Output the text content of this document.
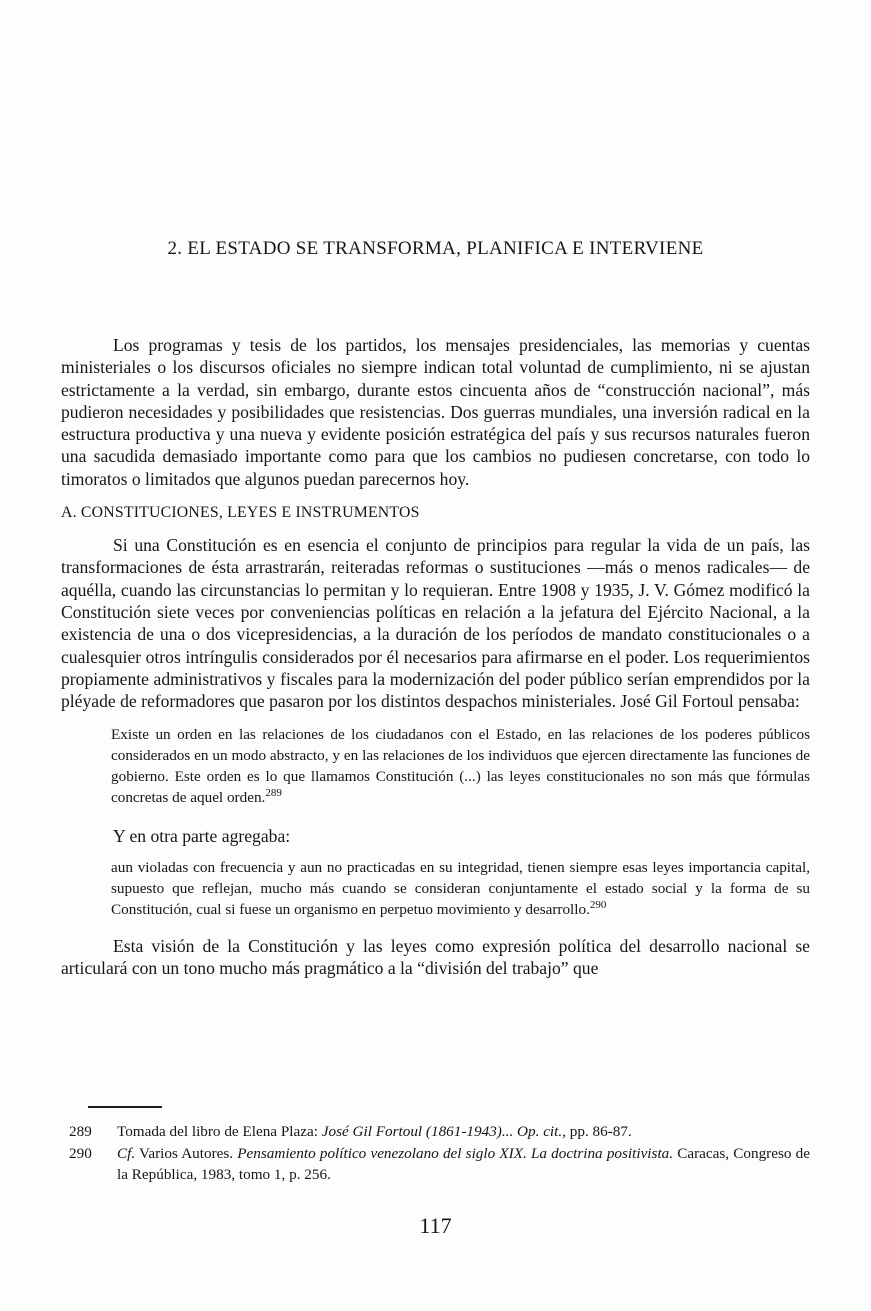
2. EL ESTADO SE TRANSFORMA, PLANIFICA E INTERVIENE

Los programas y tesis de los partidos, los mensajes presidenciales, las memorias y cuentas ministeriales o los discursos oficiales no siempre indican total voluntad de cumplimiento, ni se ajustan estrictamente a la verdad, sin embargo, durante estos cincuenta años de “construcción nacional”, más pudieron necesidades y posibilidades que resistencias. Dos guerras mundiales, una inversión radical en la estructura productiva y una nueva y evidente posición estratégica del país y sus recursos naturales fueron una sacudida demasiado importante como para que los cambios no pudiesen concretarse, con todo lo timoratos o limitados que algunos puedan parecernos hoy.

A. CONSTITUCIONES, LEYES E INSTRUMENTOS

Si una Constitución es en esencia el conjunto de principios para regular la vida de un país, las transformaciones de ésta arrastrarán, reiteradas reformas o sustituciones —más o menos radicales— de aquélla, cuando las circunstancias lo permitan y lo requieran. Entre 1908 y 1935, J. V. Gómez modificó la Constitución siete veces por conveniencias políticas en relación a la jefatura del Ejército Nacional, a la existencia de una o dos vicepresidencias, a la duración de los períodos de mandato constitucionales o a cualesquier otros intríngulis considerados por él necesarios para afirmarse en el poder. Los requerimientos propiamente administrativos y fiscales para la modernización del poder público serían emprendidos por la pléyade de reformadores que pasaron por los distintos despachos ministeriales. José Gil Fortoul pensaba:

Existe un orden en las relaciones de los ciudadanos con el Estado, en las relaciones de los poderes públicos considerados en un modo abstracto, y en las relaciones de los individuos que ejercen directamente las funciones de gobierno. Este orden es lo que llamamos Constitución (...) las leyes constitucionales no son más que fórmulas concretas de aquel orden.$^{289}$

Y en otra parte agregaba:

aun violadas con frecuencia y aun no practicadas en su integridad, tienen siempre esas leyes importancia capital, supuesto que reflejan, mucho más cuando se consideran conjuntamente el estado social y la forma de su Constitución, cual si fuese un organismo en perpetuo movimiento y desarrollo.$^{290}$

Esta visión de la Constitución y las leyes como expresión política del desarrollo nacional se articulará con un tono mucho más pragmático a la “división del trabajo” que

289	Tomada del libro de Elena Plaza: José Gil Fortoul (1861-1943)... Op. cit., pp. 86-87.
290	Cf. Varios Autores. Pensamiento político venezolano del siglo XIX. La doctrina positivista. Caracas, Congreso de la República, 1983, tomo 1, p. 256.
117
